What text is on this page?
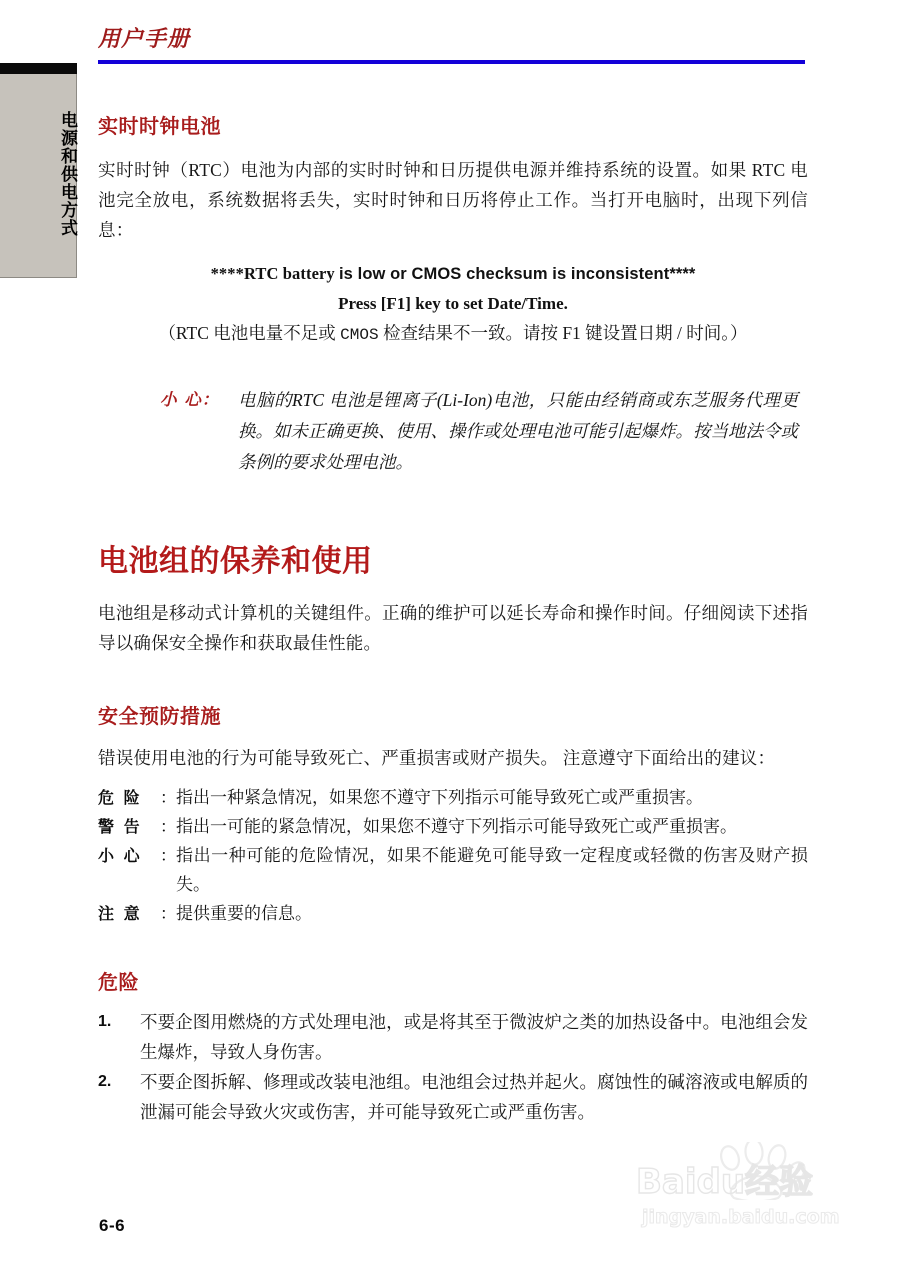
用户手册
电源和供电方式 实时时钟电池

实时时钟（RTC）电池为内部的实时时钟和日历提供电源并维持系统的设置。如果 RTC 电池完全放电，系统数据将丢失，实时时钟和日历将停止工作。当打开电脑时，出现下列信息：

****RTC battery is low or CMOS checksum is inconsistent****
Press [F1] key to set Date/Time.
（RTC 电池电量不足或 CMOS 检查结果不一致。请按 F1 键设置日期 / 时间。）
小 心：	电脑的RTC 电池是锂离子(Li-Ion)电池，只能由经销商或东芝服务代理更换。如未正确更换、使用、操作或处理电池可能引起爆炸。按当地法令或条例的要求处理电池。
电池组的保养和使用

电池组是移动式计算机的关键组件。正确的维护可以延长寿命和操作时间。仔细阅读下述指导以确保安全操作和获取最佳性能。

安全预防措施

错误使用电池的行为可能导致死亡、严重损害或财产损失。 注意遵守下面给出的建议：

危 险	： 指出一种紧急情况，如果您不遵守下列指示可能导致死亡或严重损害。
警 告	： 指出一可能的紧急情况，如果您不遵守下列指示可能导致死亡或严重损害。
小 心	： 指出一种可能的危险情况，如果不能避免可能导致一定程度或轻微的伤害及财产损失。
注 意	： 提供重要的信息。
危险
1.	不要企图用燃烧的方式处理电池，或是将其至于微波炉之类的加热设备中。电池组会发生爆炸，导致人身伤害。
2.	不要企图拆解、修理或改装电池组。电池组会过热并起火。腐蚀性的碱溶液或电解质的泄漏可能会导致火灾或伤害，并可能导致死亡或严重伤害。
Baidu经验
jingyan.baidu.com
6-6
